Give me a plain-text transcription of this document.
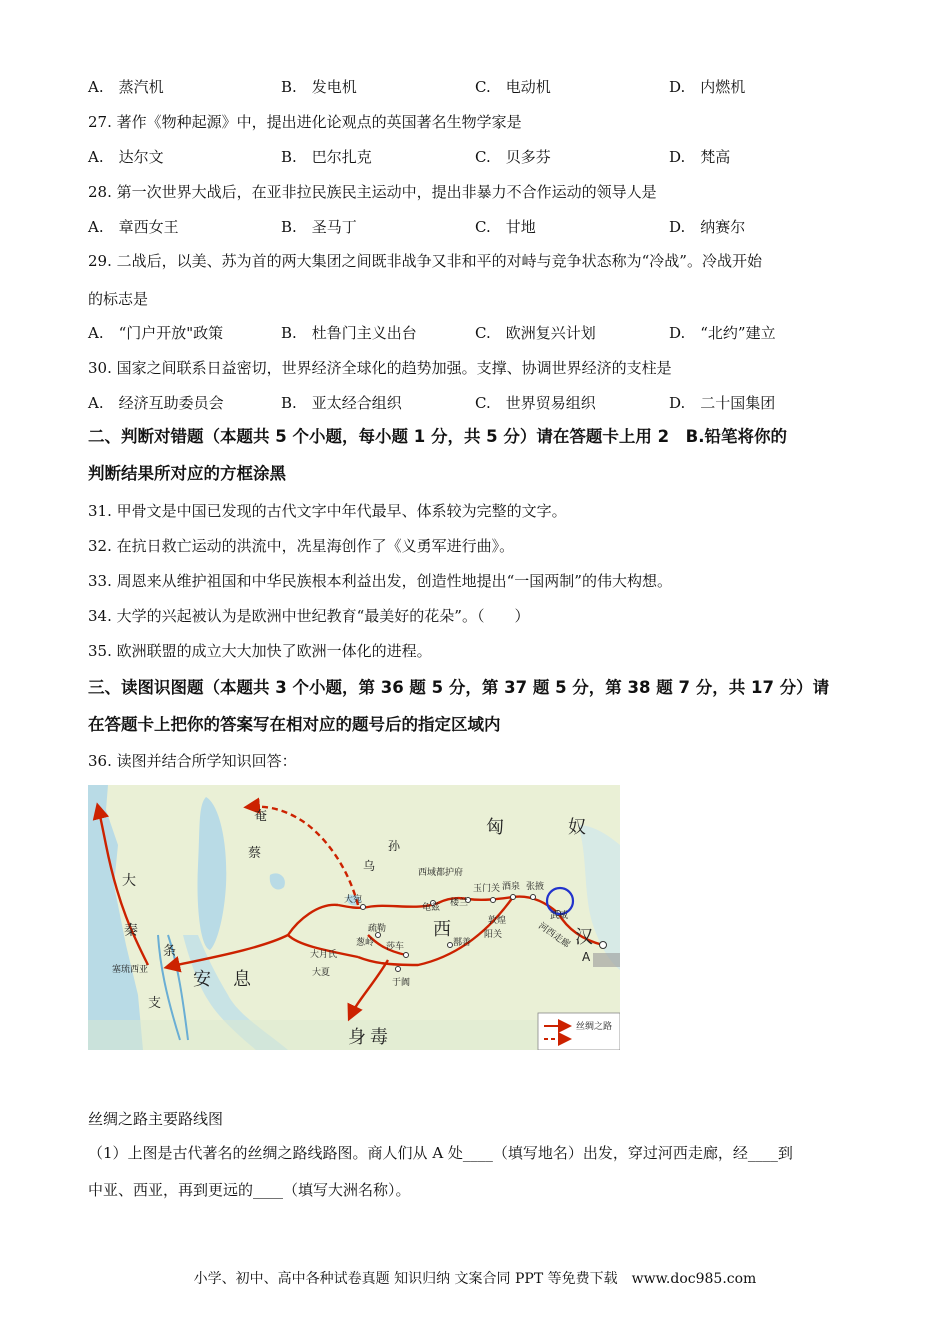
A.　蒸汽机	B.　发电机	C.　电动机	D.　内燃机
27. 著作《物种起源》中，提出进化论观点的英国著名生物学家是
A.　达尔文	B.　巴尔扎克	C.　贝多芬	D.　梵高
28. 第一次世界大战后，在亚非拉民族民主运动中，提出非暴力不合作运动的领导人是
A.　章西女王	B.　圣马丁	C.　甘地	D.　纳赛尔
29. 二战后，以美、苏为首的两大集团之间既非战争又非和平的对峙与竞争状态称为“冷战”。冷战开始
的标志是
A.　“门户开放"政策	B.　杜鲁门主义出台	C.　欧洲复兴计划	D.　“北约”建立
30. 国家之间联系日益密切，世界经济全球化的趋势加强。支撑、协调世界经济的支柱是
A.　经济互助委员会	B.　亚太经合组织	C.　世界贸易组织	D.　二十国集团
二、判断对错题（本题共 5 个小题，每小题 1 分，共 5 分）请在答题卡上用 2　B.铅笔将你的
判断结果所对应的方框涂黑
31. 甲骨文是中国已发现的古代文字中年代最早、体系较为完整的文字。
32. 在抗日救亡运动的洪流中，冼星海创作了《义勇军进行曲》。
33. 周恩来从维护祖国和中华民族根本利益出发，创造性地提出“一国两制”的伟大构想。
34. 大学的兴起被认为是欧洲中世纪教育“最美好的花朵”。（　　）
35. 欧洲联盟的成立大大加快了欧洲一体化的进程。
三、读图识图题（本题共 3 个小题，第 36 题 5 分，第 37 题 5 分，第 38 题 7 分，共 17 分）请
在答题卡上把你的答案写在相对应的题号后的指定区域内
36. 读图并结合所学知识回答：
匈	奴
西	汉
安 息
身 毒
大
秦
条
支
奄
蔡
乌
孙
塞琉西亚
大宛
疏勒
葱岭
大月氏
大夏
莎车
于阗
龟兹
西域都护府
楼兰
玉门关 酒泉 张掖
敦煌
阳关
鄯善
武威
河西走廊
A
丝绸之路
丝绸之路主要路线图
（1）上图是古代著名的丝绸之路线路图。商人们从 A 处____（填写地名）出发，穿过河西走廊，经____到
中亚、西亚，再到更远的____（填写大洲名称）。
小学、初中、高中各种试卷真题 知识归纳 文案合同 PPT 等免费下载　www.doc985.com
